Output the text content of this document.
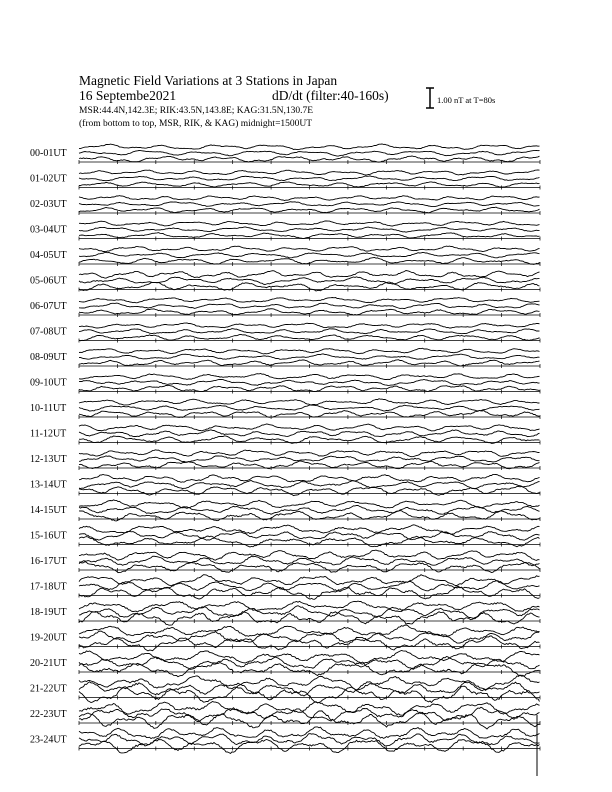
Magnetic Field Variations at 3 Stations in Japan
16 Septembe2021	dD/dt (filter:40-160s)
MSR:44.4N,142.3E; RIK:43.5N,143.8E; KAG:31.5N,130.7E
(from bottom to top, MSR, RIK, & KAG) midnight=1500UT
1.00 nT at T=80s
00-01UT
01-02UT
02-03UT
03-04UT
04-05UT
05-06UT
06-07UT
07-08UT
08-09UT
09-10UT
10-11UT
11-12UT
12-13UT
13-14UT
14-15UT
15-16UT
16-17UT
17-18UT
18-19UT
19-20UT
20-21UT
21-22UT
22-23UT
23-24UT
